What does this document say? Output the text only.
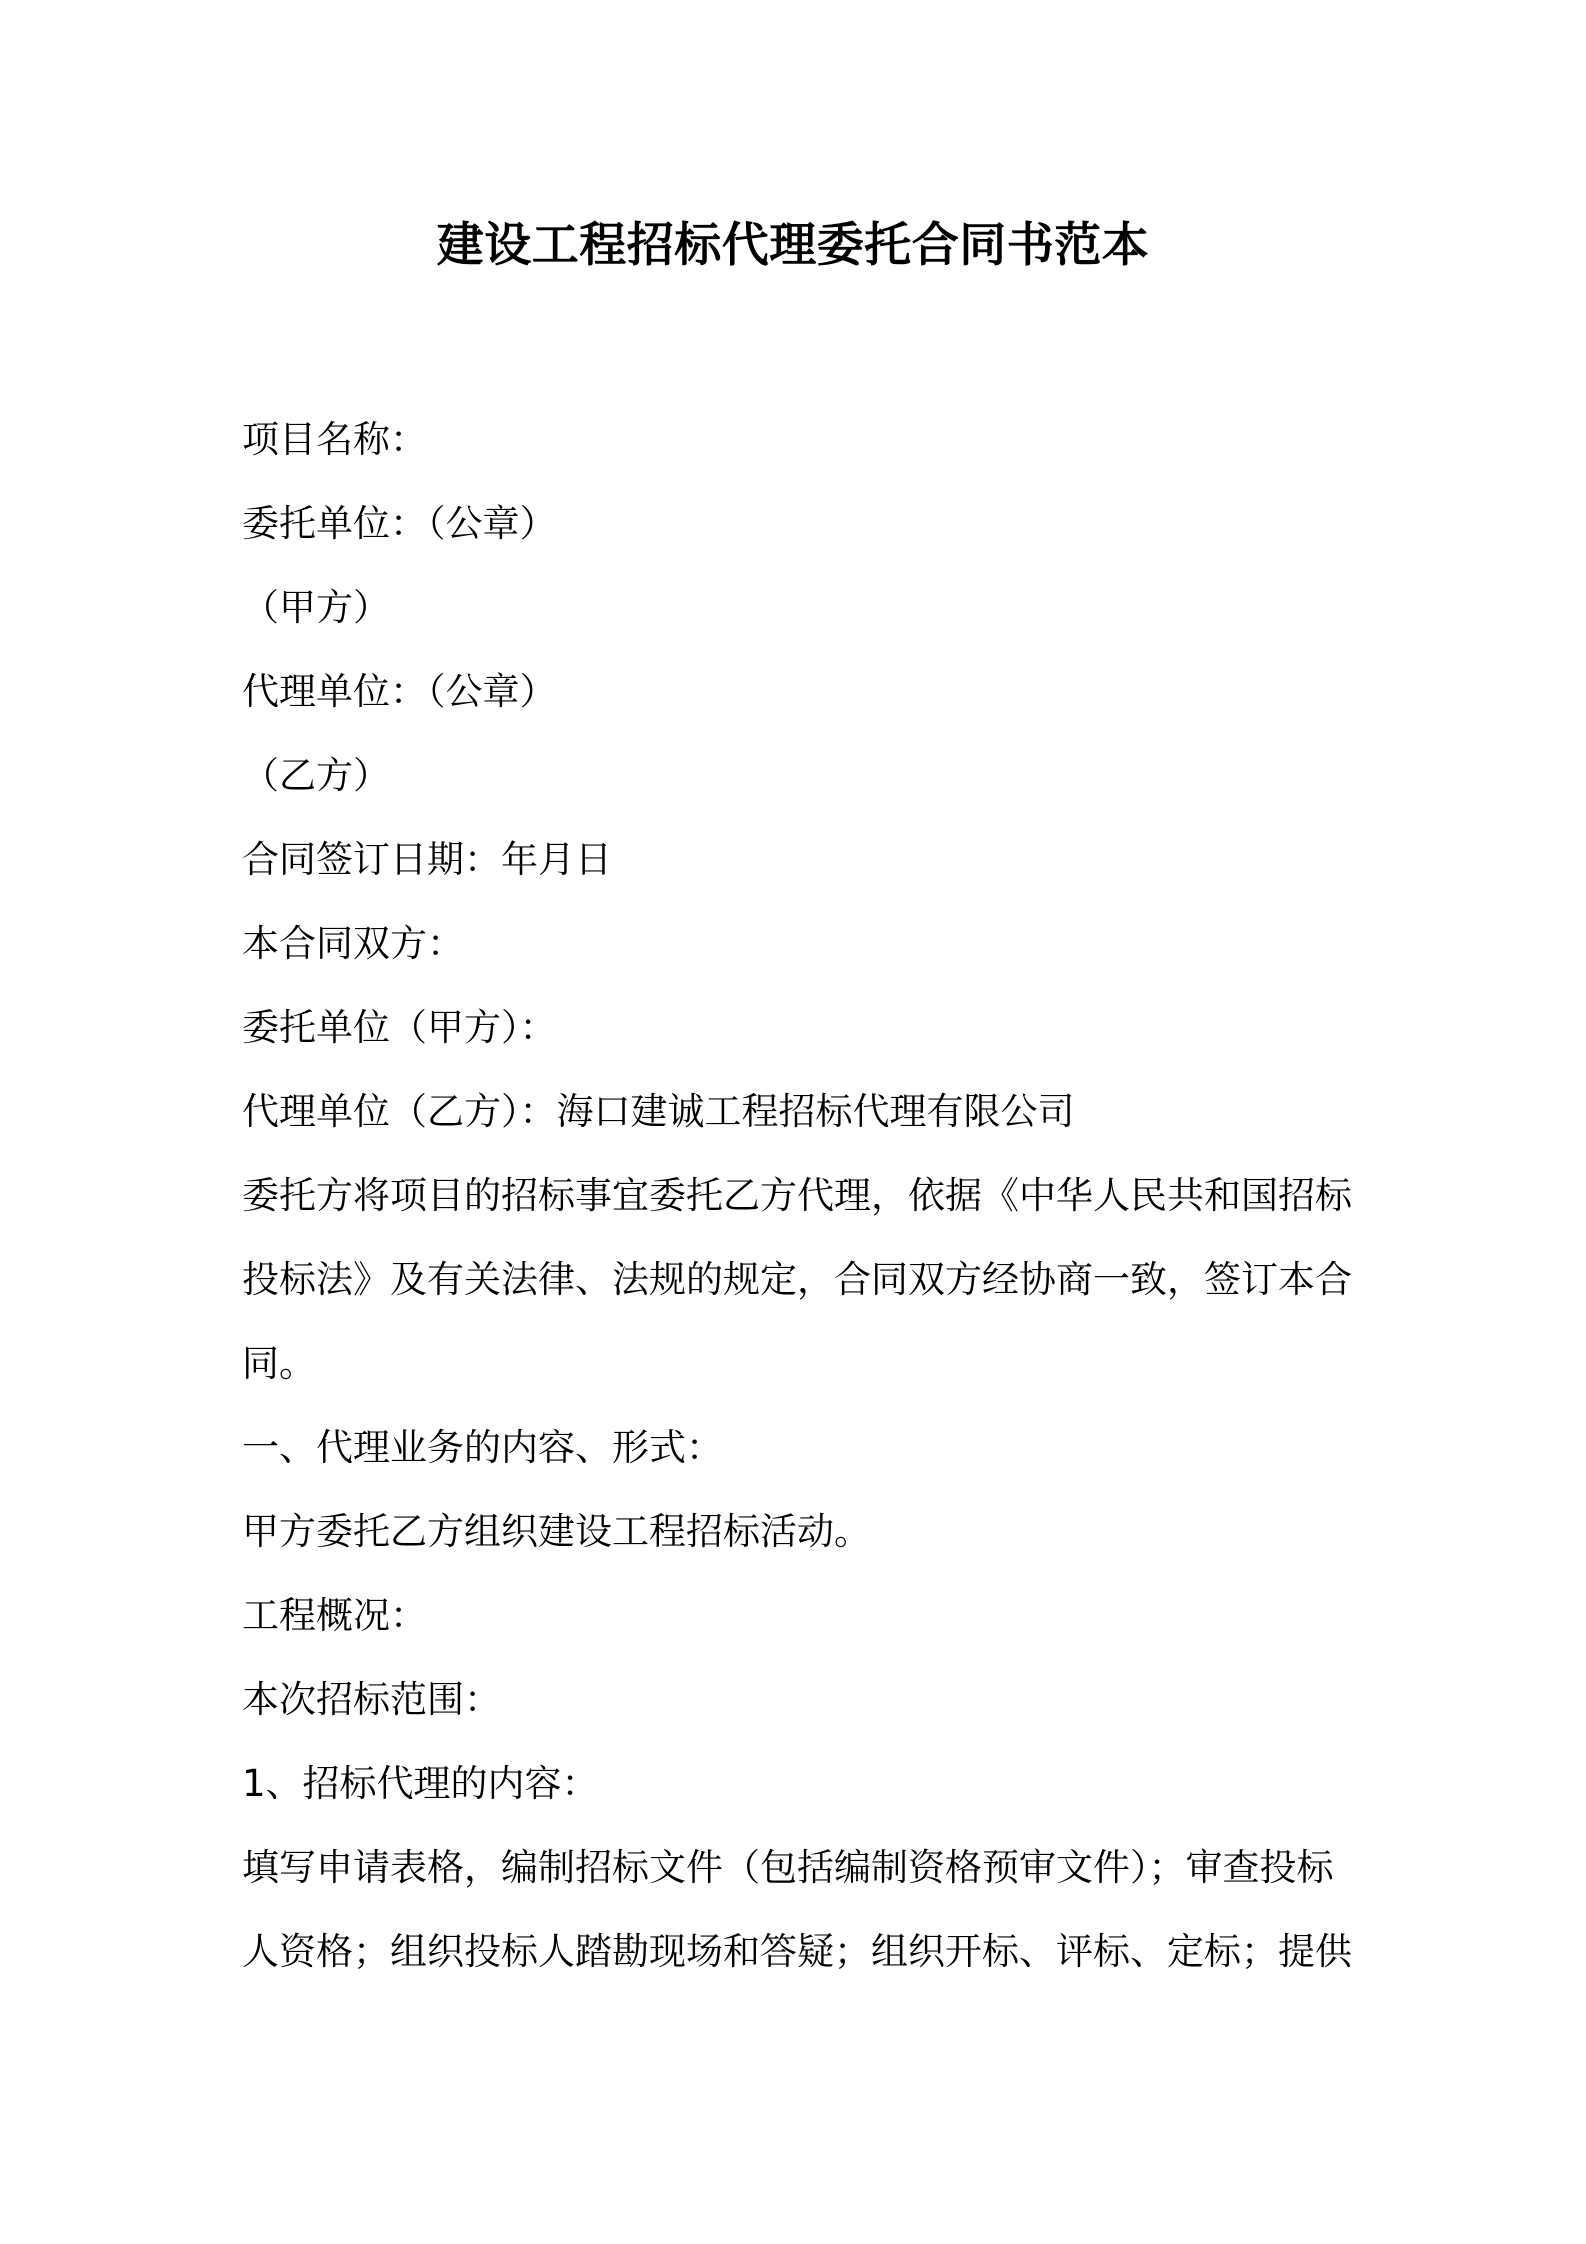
建设工程招标代理委托合同书范本
项目名称：
委托单位：（公章）
（甲方）
代理单位：（公章）
（乙方）
合同签订日期：年月日
本合同双方：
委托单位（甲方）：
代理单位（乙方）：海口建诚工程招标代理有限公司
委托方将项目的招标事宜委托乙方代理，依据《中华人民共和国招标
投标法》及有关法律、法规的规定，合同双方经协商一致，签订本合
同。
一、代理业务的内容、形式：
甲方委托乙方组织建设工程招标活动。
工程概况：
本次招标范围：
1、招标代理的内容：
填写申请表格，编制招标文件（包括编制资格预审文件）；审查投标
人资格；组织投标人踏勘现场和答疑；组织开标、评标、定标；提供
